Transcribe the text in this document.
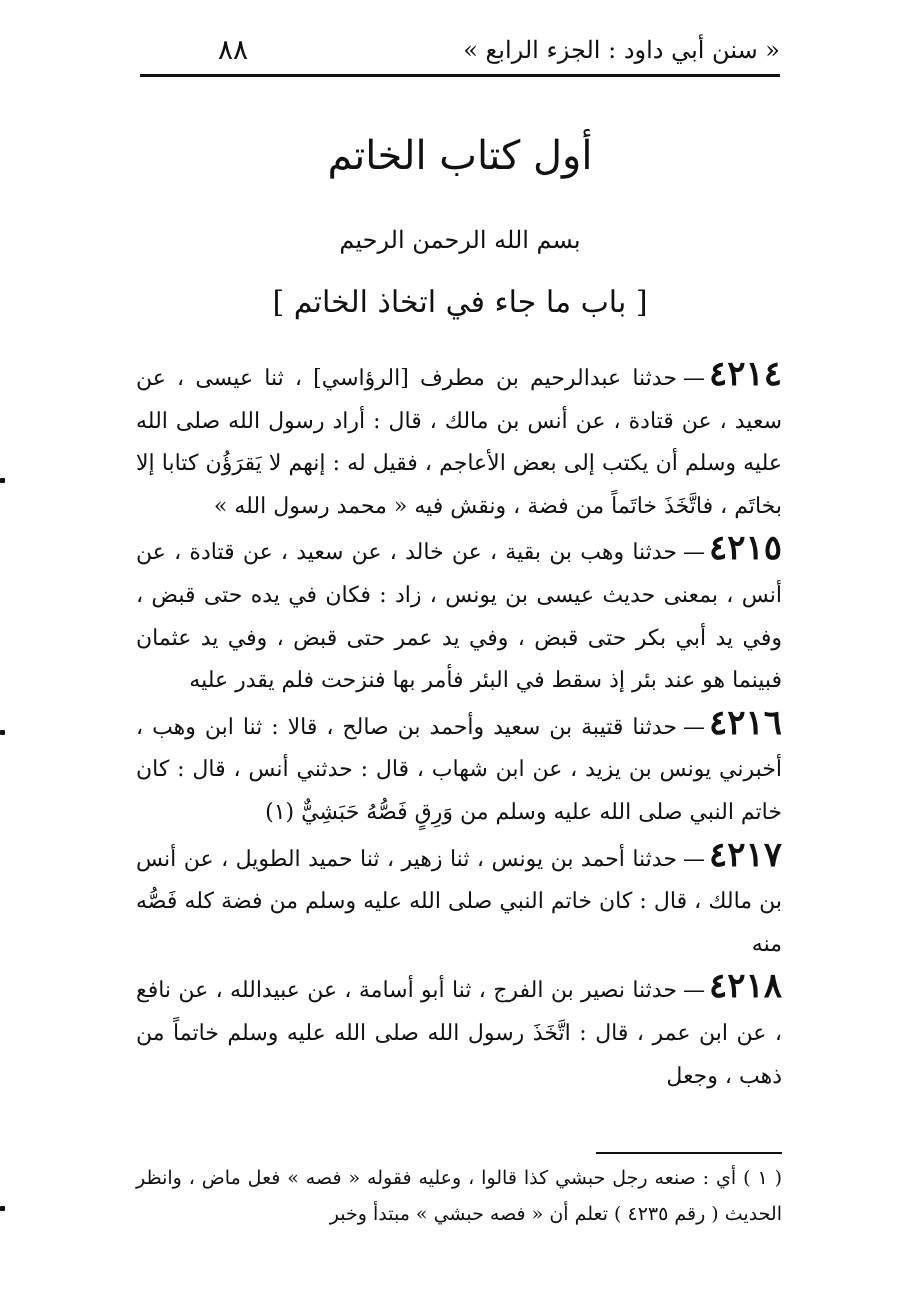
٨٨	« سنن أبي داود : الجزء الرابع »
أول كتاب الخاتم
بسم الله الرحمن الرحيم
[ باب ما جاء في اتخاذ الخاتم ]

٤٢١٤—حدثنا عبدالرحيم بن مطرف [الرؤاسي] ، ثنا عيسى ، عن سعيد ، عن قتادة ، عن أنس بن مالك ، قال : أراد رسول الله صلى الله عليه وسلم أن يكتب إلى بعض الأعاجم ، فقيل له : إنهم لا يَقرَؤُن كتابا إلا بخاتَم ، فاتَّخَذَ خاتَماً من فضة ، ونقش فيه « محمد رسول الله »

٤٢١٥—حدثنا وهب بن بقية ، عن خالد ، عن سعيد ، عن قتادة ، عن أنس ، بمعنى حديث عيسى بن يونس ، زاد : فكان في يده حتى قبض ، وفي يد أبي بكر حتى قبض ، وفي يد عمر حتى قبض ، وفي يد عثمان فبينما هو عند بئر إذ سقط في البئر فأمر بها فنزحت فلم يقدر عليه

٤٢١٦—حدثنا قتيبة بن سعيد وأحمد بن صالح ، قالا : ثنا ابن وهب ، أخبرني يونس بن يزيد ، عن ابن شهاب ، قال : حدثني أنس ، قال : كان خاتم النبي صلى الله عليه وسلم من وَرِقٍ فَصُّهُ حَبَشِيٌّ (١)

٤٢١٧—حدثنا أحمد بن يونس ، ثنا زهير ، ثنا حميد الطويل ، عن أنس بن مالك ، قال : كان خاتم النبي صلى الله عليه وسلم من فضة كله فَصُّه منه

٤٢١٨—حدثنا نصير بن الفرج ، ثنا أبو أسامة ، عن عبيدالله ، عن نافع ، عن ابن عمر ، قال : اتَّخَذَ رسول الله صلى الله عليه وسلم خاتماً من ذهب ، وجعل

( ١ ) أي : صنعه رجل حبشي كذا قالوا ، وعليه فقوله « فصه » فعل ماض ، وانظر الحديث ( رقم ٤٢٣٥ ) تعلم أن « فصه حبشي » مبتدأ وخبر
